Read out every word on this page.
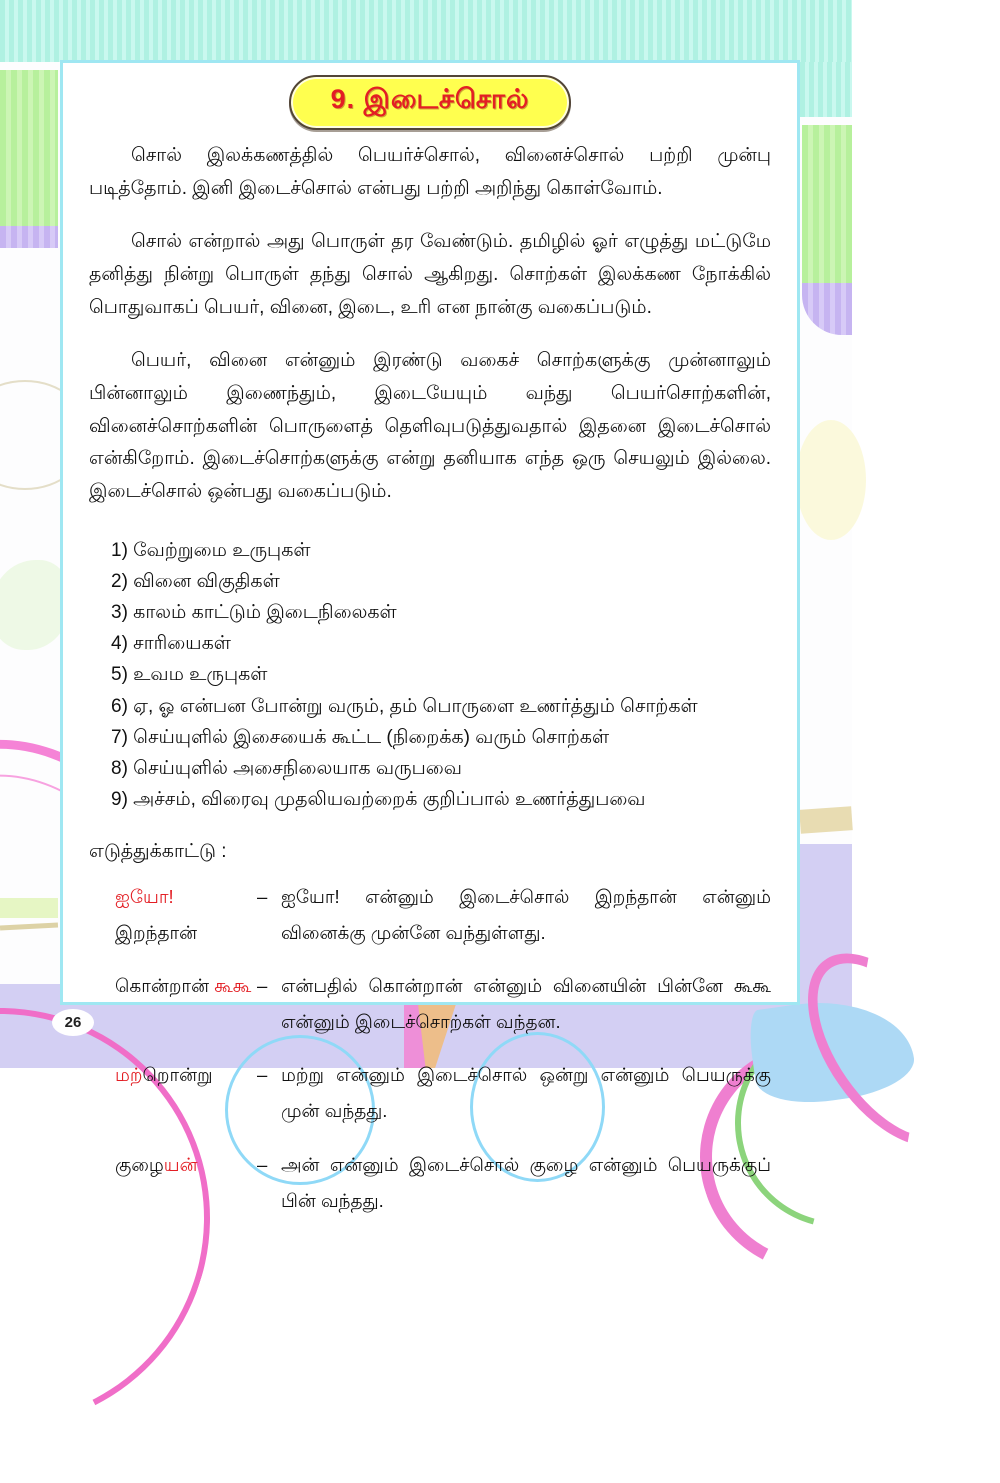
26
9. இடைச்சொல்

சொல் இலக்கணத்தில் பெயர்ச்சொல், வினைச்சொல் பற்றி முன்பு படித்தோம். இனி இடைச்சொல் என்பது பற்றி அறிந்து கொள்வோம்.

சொல் என்றால் அது பொருள் தர வேண்டும். தமிழில் ஓர் எழுத்து மட்டுமே தனித்து நின்று பொருள் தந்து சொல் ஆகிறது. சொற்கள் இலக்கண நோக்கில் பொதுவாகப் பெயர், வினை, இடை, உரி என நான்கு வகைப்படும்.

பெயர், வினை என்னும் இரண்டு வகைச் சொற்களுக்கு முன்னாலும் பின்னாலும் இணைந்தும், இடையேயும் வந்து பெயர்சொற்களின், வினைச்சொற்களின் பொருளைத் தெளிவுபடுத்துவதால் இதனை இடைச்சொல் என்கிறோம். இடைச்சொற்களுக்கு என்று தனியாக எந்த ஒரு செயலும் இல்லை. இடைச்சொல் ஒன்பது வகைப்படும்.

1) வேற்றுமை உருபுகள்
2) வினை விகுதிகள்
3) காலம் காட்டும் இடைநிலைகள்
4) சாரியைகள்
5) உவம உருபுகள்
6) ஏ, ஓ என்பன போன்று வரும், தம் பொருளை உணர்த்தும் சொற்கள்
7) செய்யுளில் இசையைக் கூட்ட (நிறைக்க) வரும் சொற்கள்
8) செய்யுளில் அசைநிலையாக வருபவை
9) அச்சம், விரைவு முதலியவற்றைக் குறிப்பால் உணர்த்துபவை
எடுத்துக்காட்டு :
ஐயோ! இறந்தான்
– ஐயோ! என்னும் இடைச்சொல் இறந்தான் என்னும் வினைக்கு முன்னே வந்துள்ளது.
கொன்றான் கூகூ – என்பதில் கொன்றான் என்னும் வினையின் பின்னே கூகூ என்னும் இடைச்சொற்கள் வந்தன.
மற்றொன்று	– மற்று என்னும் இடைச்சொல் ஒன்று என்னும் பெயருக்கு முன் வந்தது.
குழையன்	– அன் என்னும் இடைச்சொல் குழை என்னும் பெயருக்குப் பின் வந்தது.
